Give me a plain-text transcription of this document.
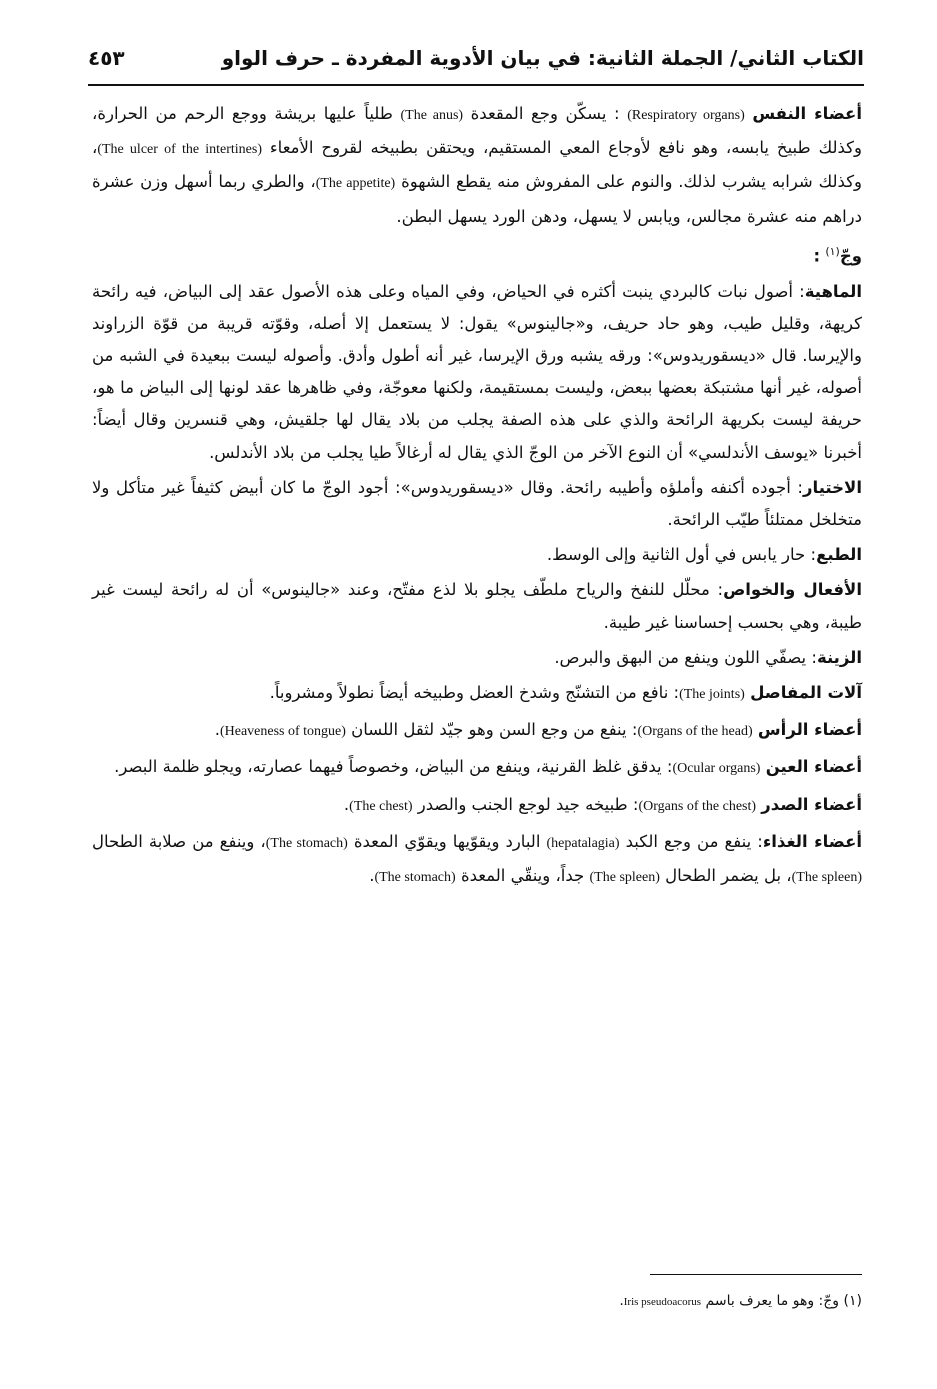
الكتاب الثاني/ الجملة الثانية: في بيان الأدوية المفردة ـ حرف الواو
٤٥٣

أعضاء النفس (Respiratory organs) : يسكّن وجع المقعدة (The anus) طلياً عليها بريشة ووجع الرحم من الحرارة، وكذلك طبيخ يابسه، وهو نافع لأوجاع المعي المستقيم، ويحتقن بطبيخه لقروح الأمعاء (The ulcer of the intertines)، وكذلك شرابه يشرب لذلك. والنوم على المفروش منه يقطع الشهوة (The appetite)، والطري ربما أسهل وزن عشرة دراهم منه عشرة مجالس، ويابس لا يسهل، ودهن الورد يسهل البطن.

وجّ$^{(١)}$ :

الماهية: أصول نبات كالبردي ينبت أكثره في الحياض، وفي المياه وعلى هذه الأصول عقد إلى البياض، فيه رائحة كريهة، وقليل طيب، وهو حاد حريف، و«جالينوس» يقول: لا يستعمل إلا أصله، وقوّته قريبة من قوّة الزراوند والإيرسا. قال «ديسقوريدوس»: ورقه يشبه ورق الإيرسا، غير أنه أطول وأدق. وأصوله ليست ببعيدة في الشبه من أصوله، غير أنها مشتبكة بعضها ببعض، وليست بمستقيمة، ولكنها معوجّة، وفي ظاهرها عقد لونها إلى البياض ما هو، حريفة ليست بكريهة الرائحة والذي على هذه الصفة يجلب من بلاد يقال لها جلقيش، وهي قنسرين وقال أيضاً: أخبرنا «يوسف الأندلسي» أن النوع الآخر من الوجّ الذي يقال له أرغالاً طيا يجلب من بلاد الأندلس.

الاختيار: أجوده أكنفه وأملؤه وأطيبه رائحة. وقال «ديسقوريدوس»: أجود الوجّ ما كان أبيض كثيفاً غير متأكل ولا متخلخل ممتلئاً طيّب الرائحة.

الطبع: حار يابس في أول الثانية وإلى الوسط.

الأفعال والخواص: محلّل للنفخ والرياح ملطّف يجلو بلا لذع مفتّح، وعند «جالينوس» أن له رائحة ليست غير طيبة، وهي بحسب إحساسنا غير طيبة.

الزينة: يصفّي اللون وينفع من البهق والبرص.

آلات المفاصل (The joints): نافع من التشنّج وشدخ العضل وطبيخه أيضاً نطولاً ومشروباً.

أعضاء الرأس (Organs of the head): ينفع من وجع السن وهو جيّد لثقل اللسان (Heaveness of tongue).

أعضاء العين (Ocular organs): يدقق غلظ القرنية، وينفع من البياض، وخصوصاً فيهما عصارته، ويجلو ظلمة البصر.

أعضاء الصدر (Organs of the chest): طبيخه جيد لوجع الجنب والصدر (The chest).

أعضاء الغذاء: ينفع من وجع الكبد (hepatalagia) البارد ويقوّيها ويقوّي المعدة (The stomach)، وينفع من صلابة الطحال (The spleen)، بل يضمر الطحال (The spleen) جداً، وينقّي المعدة (The stomach).

(١) وجّ: وهو ما يعرف باسم Iris pseudoacorus.
